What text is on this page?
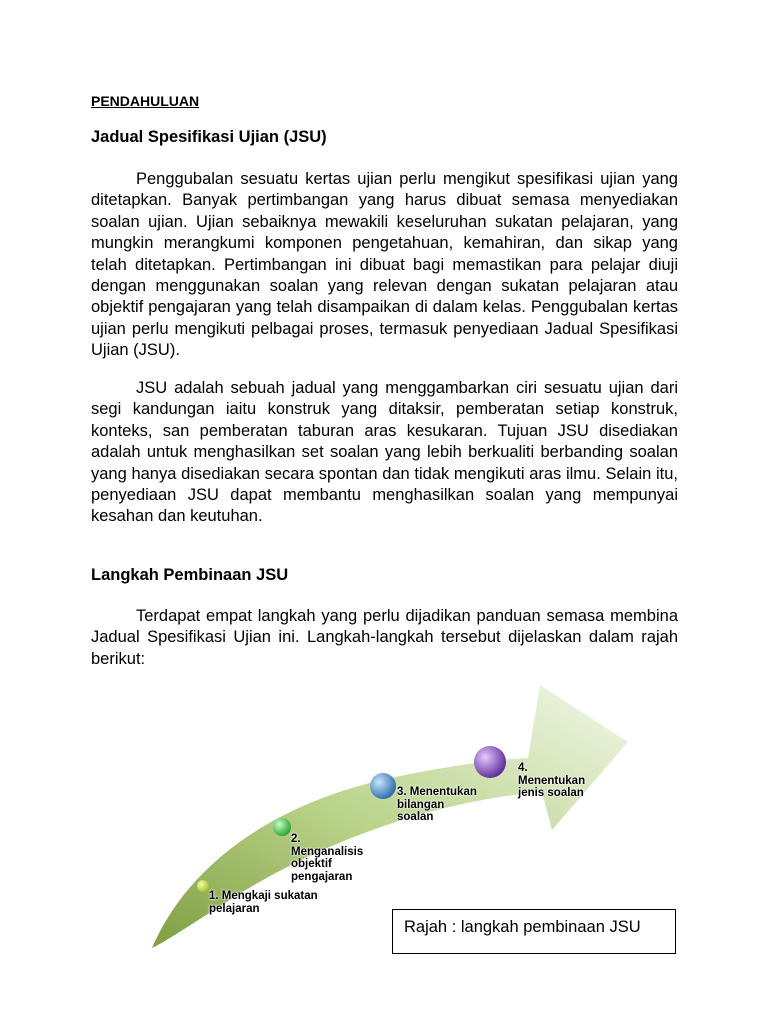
PENDAHULUAN

Jadual Spesifikasi Ujian (JSU)

Penggubalan sesuatu kertas ujian perlu mengikut spesifikasi ujian yang ditetapkan. Banyak pertimbangan yang harus dibuat semasa menyediakan soalan ujian. Ujian sebaiknya mewakili keseluruhan sukatan pelajaran, yang mungkin merangkumi komponen pengetahuan, kemahiran, dan sikap yang telah ditetapkan. Pertimbangan ini dibuat bagi memastikan para pelajar diuji dengan menggunakan soalan yang relevan dengan sukatan pelajaran atau objektif pengajaran yang telah disampaikan di dalam kelas. Penggubalan kertas ujian perlu mengikuti pelbagai proses, termasuk penyediaan Jadual Spesifikasi Ujian (JSU).

JSU adalah sebuah jadual yang menggambarkan ciri sesuatu ujian dari segi kandungan iaitu konstruk yang ditaksir, pemberatan setiap konstruk, konteks, san pemberatan taburan aras kesukaran. Tujuan JSU disediakan adalah untuk menghasilkan set soalan yang lebih berkualiti berbanding soalan yang hanya disediakan secara spontan dan tidak mengikuti aras ilmu. Selain itu, penyediaan JSU dapat membantu menghasilkan soalan yang mempunyai kesahan dan keutuhan.

Langkah Pembinaan JSU

Terdapat empat langkah yang perlu dijadikan panduan semasa membina Jadual Spesifikasi Ujian ini. Langkah-langkah tersebut dijelaskan dalam rajah berikut:

1. Mengkaji sukatan pelajaran
2. Menganalisis objektif pengajaran
3. Menentukan bilangan soalan
4. Menentukan jenis soalan
Rajah : langkah pembinaan JSU
